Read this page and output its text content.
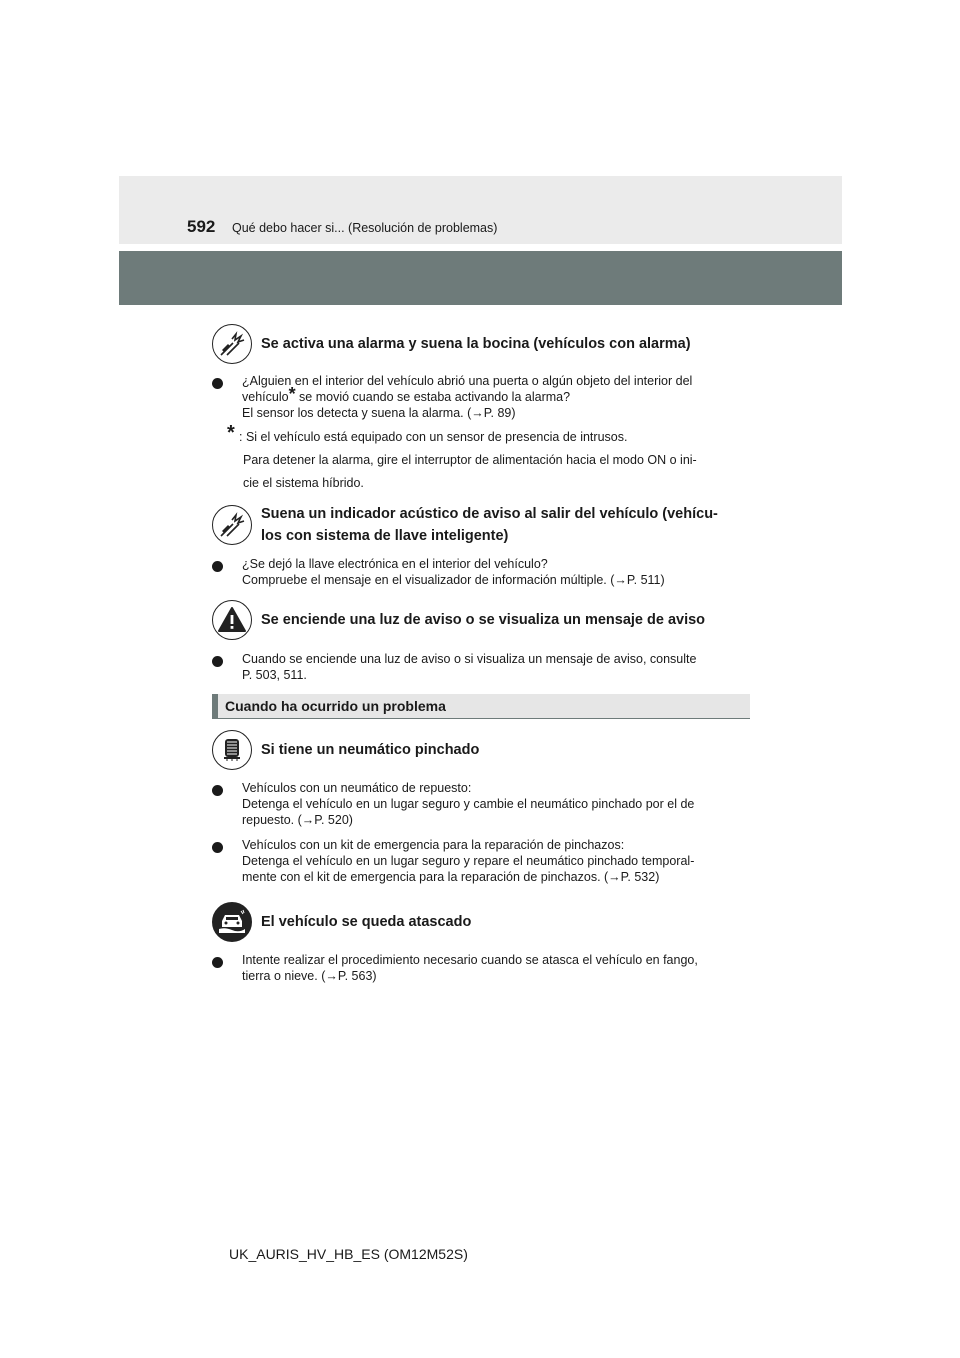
592 Qué debo hacer si... (Resolución de problemas)
Se activa una alarma y suena la bocina (vehículos con alarma)
¿Alguien en el interior del vehículo abrió una puerta o algún objeto del interior del
vehículo* se movió cuando se estaba activando la alarma?
El sensor los detecta y suena la alarma. (→P. 89)
* : Si el vehículo está equipado con un sensor de presencia de intrusos.
Para detener la alarma, gire el interruptor de alimentación hacia el modo ON o ini-
cie el sistema híbrido.
Suena un indicador acústico de aviso al salir del vehículo (vehícu-
los con sistema de llave inteligente)
¿Se dejó la llave electrónica en el interior del vehículo?
Compruebe el mensaje en el visualizador de información múltiple. (→P. 511)
Se enciende una luz de aviso o se visualiza un mensaje de aviso
Cuando se enciende una luz de aviso o si visualiza un mensaje de aviso, consulte
P. 503, 511.
Cuando ha ocurrido un problema
Si tiene un neumático pinchado
Vehículos con un neumático de repuesto:
Detenga el vehículo en un lugar seguro y cambie el neumático pinchado por el de
repuesto. (→P. 520)
Vehículos con un kit de emergencia para la reparación de pinchazos:
Detenga el vehículo en un lugar seguro y repare el neumático pinchado temporal-
mente con el kit de emergencia para la reparación de pinchazos. (→P. 532)
El vehículo se queda atascado
Intente realizar el procedimiento necesario cuando se atasca el vehículo en fango,
tierra o nieve. (→P. 563)
UK_AURIS_HV_HB_ES (OM12M52S)
